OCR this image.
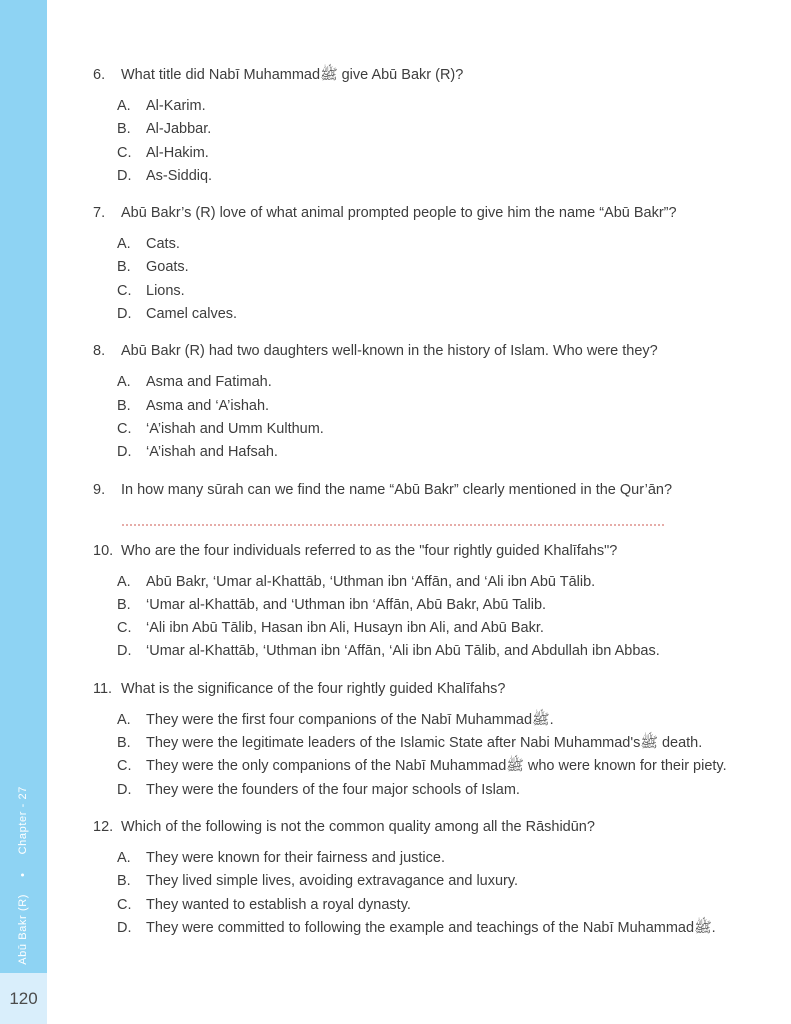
Abū Bakr (R)●Chapter - 27
120
6.	What title did Nabī Muhammadﷺ give Abū Bakr (R)?
A.	Al-Karim.
B.	Al-Jabbar.
C.	Al-Hakim.
D.	As-Siddiq.
7.	Abū Bakr’s (R) love of what animal prompted people to give him the name “Abū Bakr”?
A.	Cats.
B.	Goats.
C.	Lions.
D.	Camel calves.
8.	Abū Bakr (R) had two daughters well-known in the history of Islam. Who were they?
A.	Asma and Fatimah.
B.	Asma and ‘A’ishah.
C.	‘A’ishah and Umm Kulthum.
D.	‘A’ishah and Hafsah.
9.	In how many sūrah can we find the name “Abū Bakr” clearly mentioned in the Qur’ān?
10. Who are the four individuals referred to as the "four rightly guided Khalīfahs"?
A.	Abū Bakr, ‘Umar al-Khattāb, ‘Uthman ibn ‘Affān, and ‘Ali ibn Abū Tālib.
B.	‘Umar al-Khattāb, and ‘Uthman ibn ‘Affān, Abū Bakr, Abū Talib.
C.	‘Ali ibn Abū Tālib, Hasan ibn Ali, Husayn ibn Ali, and Abū Bakr.
D.	‘Umar al-Khattāb, ‘Uthman ibn ‘Affān, ‘Ali ibn Abū Tālib, and Abdullah ibn Abbas.
11. What is the significance of the four rightly guided Khalīfahs?
A.	They were the first four companions of the Nabī Muhammadﷺ.
B.	They were the legitimate leaders of the Islamic State after Nabi Muhammad'sﷺ death.
C.	They were the only companions of the Nabī Muhammadﷺ who were known for their piety.
D.	They were the founders of the four major schools of Islam.
12. Which of the following is not the common quality among all the Rāshidūn?
A.	They were known for their fairness and justice.
B.	They lived simple lives, avoiding extravagance and luxury.
C.	They wanted to establish a royal dynasty.
D.	They were committed to following the example and teachings of the Nabī Muhammadﷺ.
